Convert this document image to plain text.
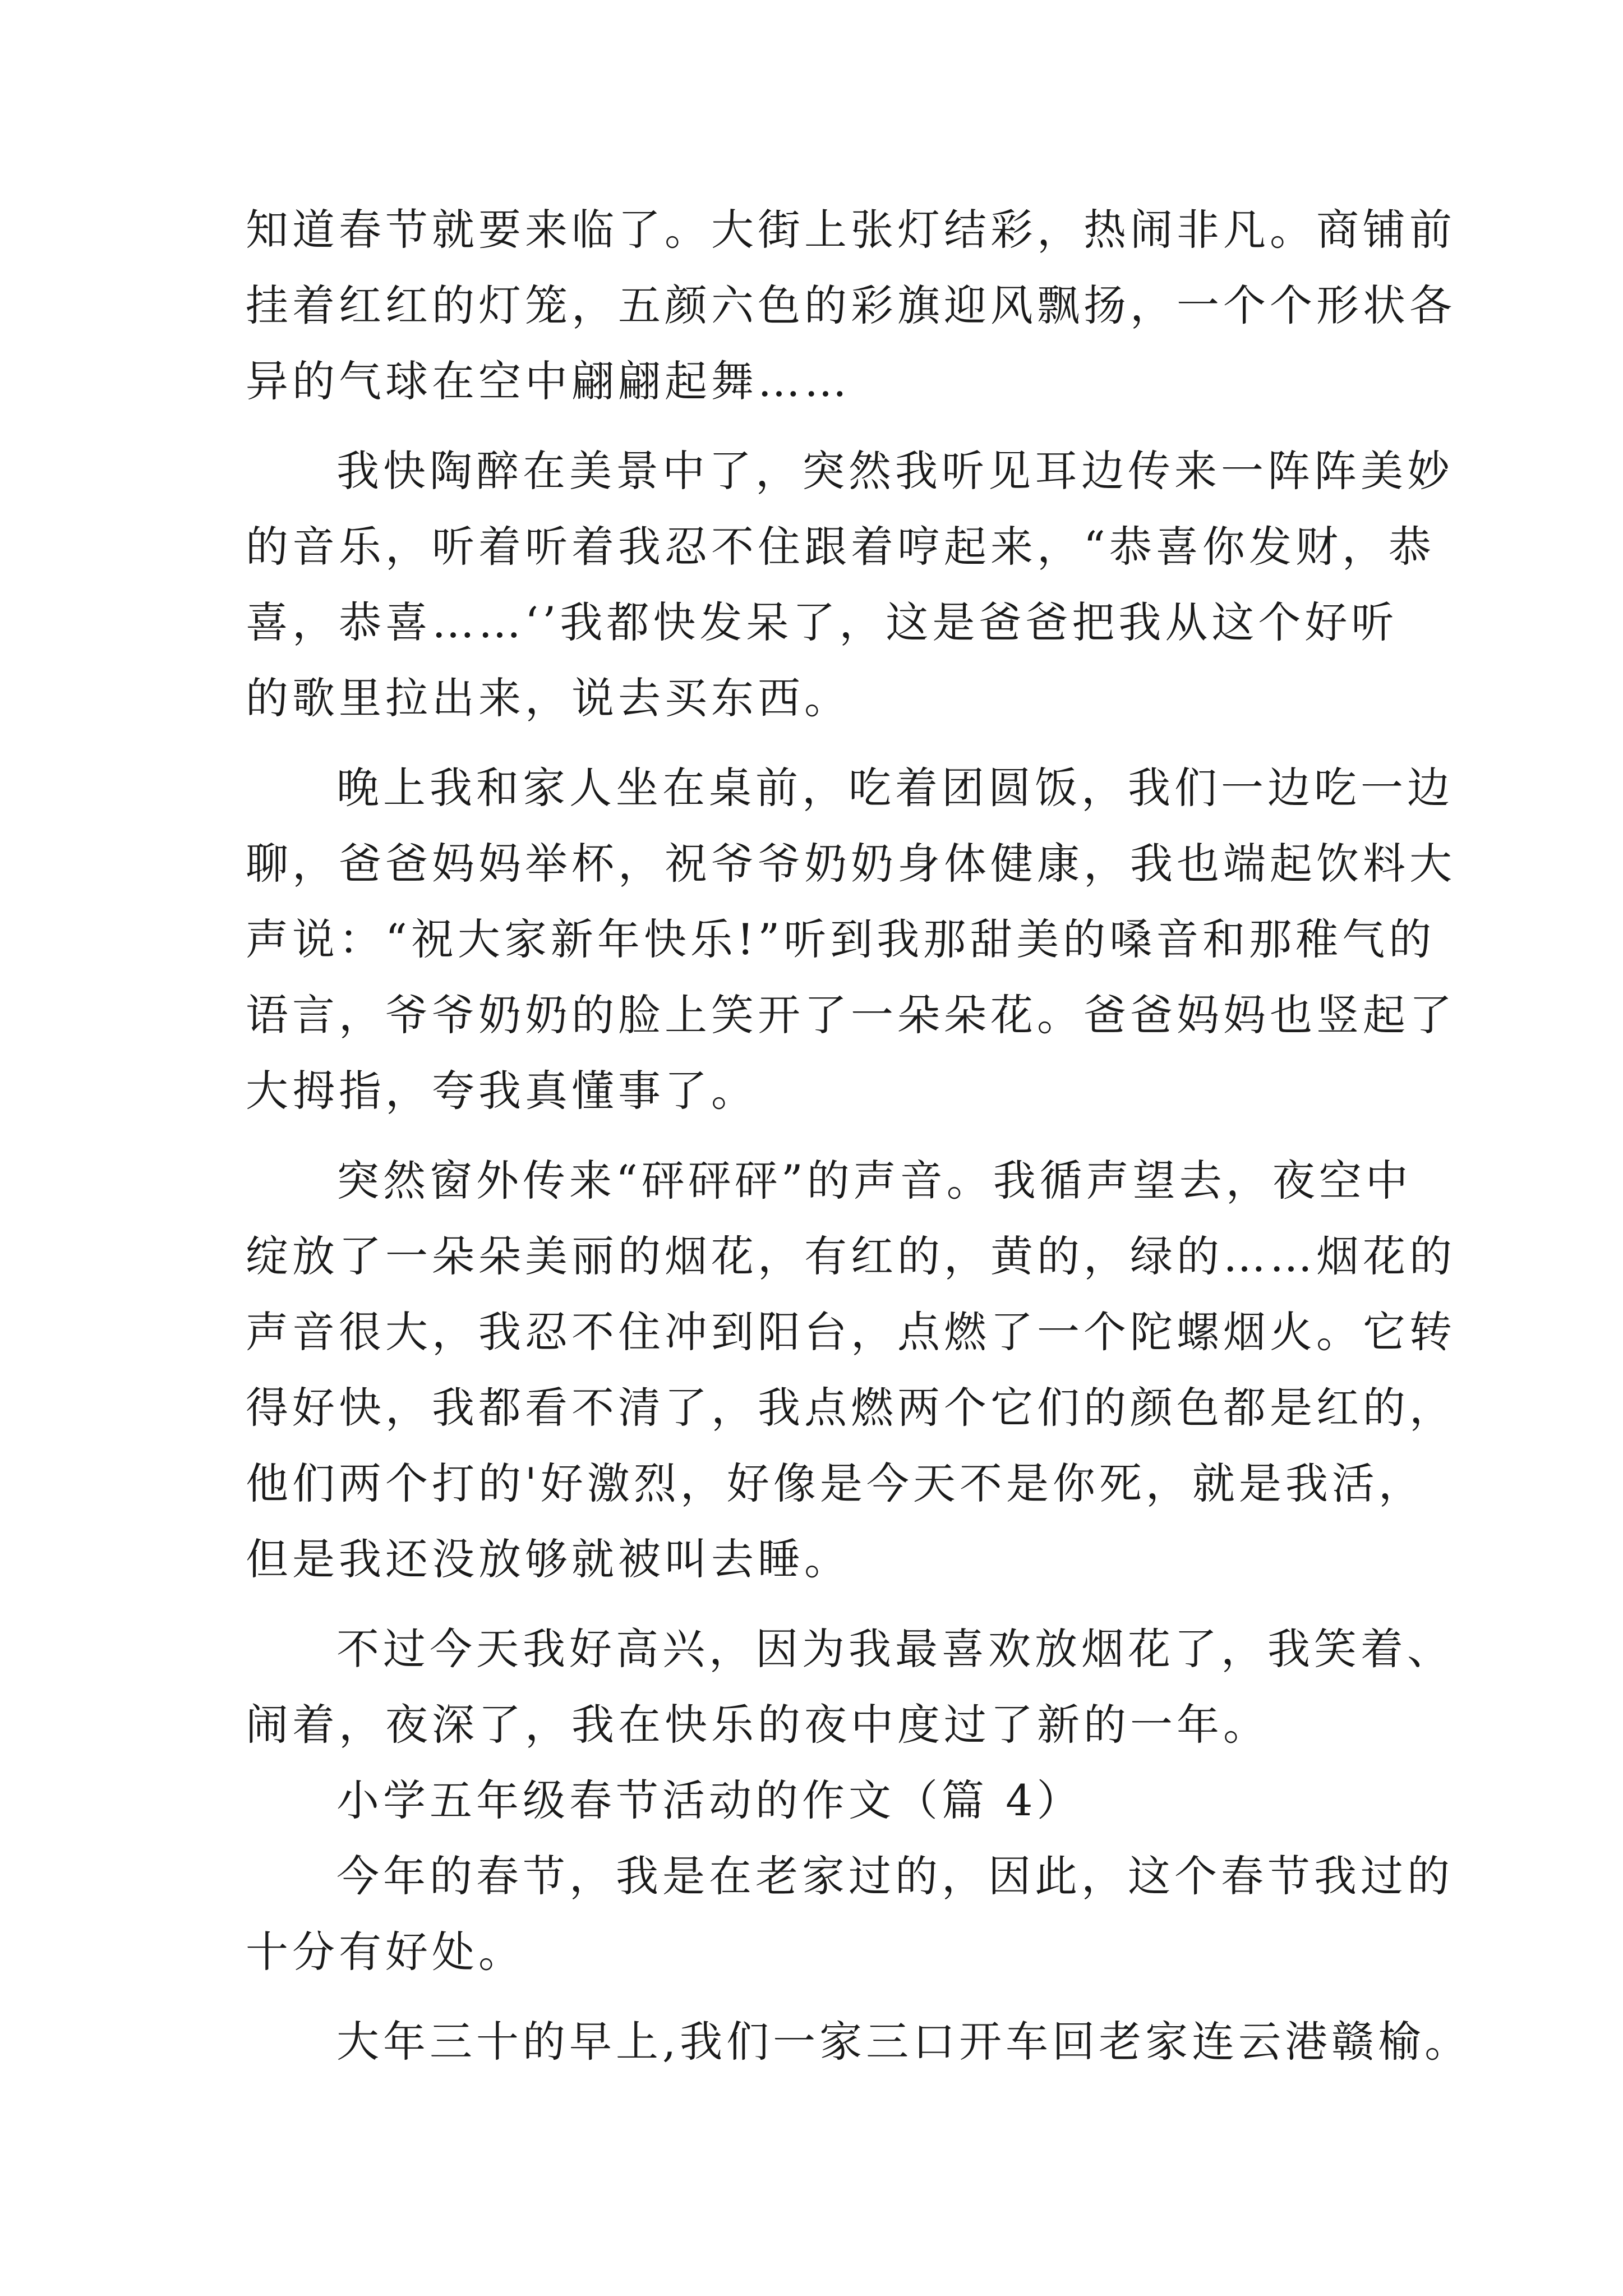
知道春节就要来临了。大街上张灯结彩，热闹非凡。商铺前
挂着红红的灯笼，五颜六色的彩旗迎风飘扬，一个个形状各
异的气球在空中翩翩起舞……
我快陶醉在美景中了，突然我听见耳边传来一阵阵美妙
的音乐，听着听着我忍不住跟着哼起来，“恭喜你发财，恭
喜，恭喜……‘’我都快发呆了，这是爸爸把我从这个好听
的歌里拉出来，说去买东西。
晚上我和家人坐在桌前，吃着团圆饭，我们一边吃一边
聊，爸爸妈妈举杯，祝爷爷奶奶身体健康，我也端起饮料大
声说：“祝大家新年快乐!”听到我那甜美的嗓音和那稚气的
语言，爷爷奶奶的脸上笑开了一朵朵花。爸爸妈妈也竖起了
大拇指，夸我真懂事了。
突然窗外传来“砰砰砰”的声音。我循声望去，夜空中
绽放了一朵朵美丽的烟花，有红的，黄的，绿的……烟花的
声音很大，我忍不住冲到阳台，点燃了一个陀螺烟火。它转
得好快，我都看不清了，我点燃两个它们的颜色都是红的，
他们两个打的'好激烈，好像是今天不是你死，就是我活，
但是我还没放够就被叫去睡。
不过今天我好高兴，因为我最喜欢放烟花了，我笑着、
闹着，夜深了，我在快乐的夜中度过了新的一年。
小学五年级春节活动的作文（篇 4）
今年的春节，我是在老家过的，因此，这个春节我过的
十分有好处。
大年三十的早上,我们一家三口开车回老家连云港赣榆。
